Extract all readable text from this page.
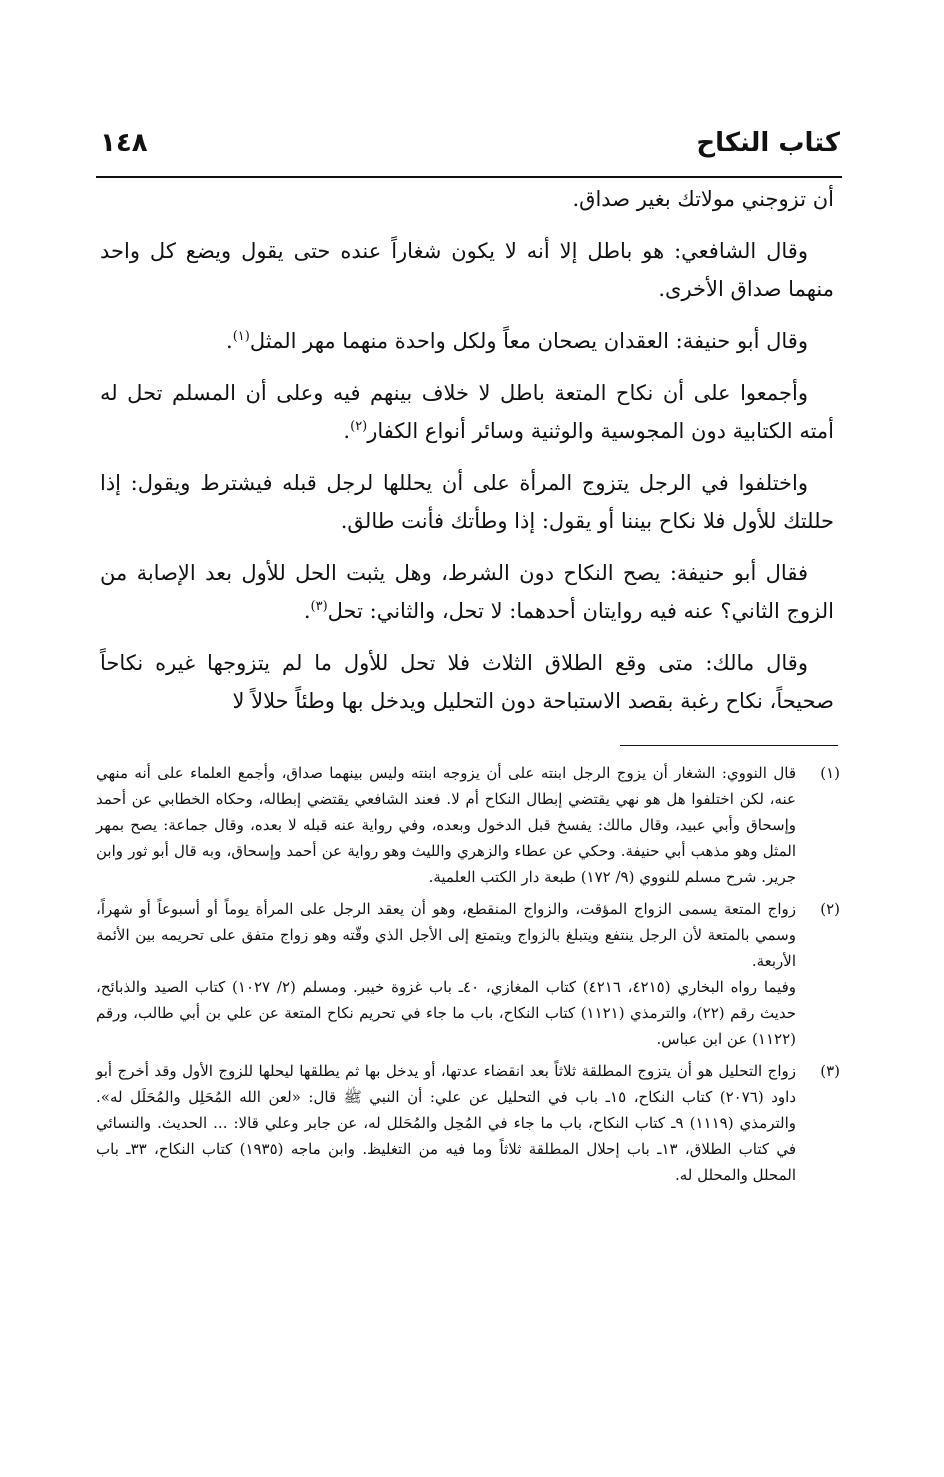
كتاب النكاح
١٤٨

أن تزوجني مولاتك بغير صداق.

وقال الشافعي: هو باطل إلا أنه لا يكون شغاراً عنده حتى يقول ويضع كل واحد منهما صداق الأخرى.

وقال أبو حنيفة: العقدان يصحان معاً ولكل واحدة منهما مهر المثل$^{(١)}$.

وأجمعوا على أن نكاح المتعة باطل لا خلاف بينهم فيه وعلى أن المسلم تحل له أمته الكتابية دون المجوسية والوثنية وسائر أنواع الكفار$^{(٢)}$.

واختلفوا في الرجل يتزوج المرأة على أن يحللها لرجل قبله فيشترط ويقول: إذا حللتك للأول فلا نكاح بيننا أو يقول: إذا وطأتك فأنت طالق.

فقال أبو حنيفة: يصح النكاح دون الشرط، وهل يثبت الحل للأول بعد الإصابة من الزوج الثاني؟ عنه فيه روايتان أحدهما: لا تحل، والثاني: تحل$^{(٣)}$.

وقال مالك: متى وقع الطلاق الثلاث فلا تحل للأول ما لم يتزوجها غيره نكاحاً صحيحاً، نكاح رغبة بقصد الاستباحة دون التحليل ويدخل بها وطئاً حلالاً لا

(١)
قال النووي: الشغار أن يزوج الرجل ابنته على أن يزوجه ابنته وليس بينهما صداق، وأجمع العلماء على أنه منهي عنه، لكن اختلفوا هل هو نهي يقتضي إبطال النكاح أم لا. فعند الشافعي يقتضي إبطاله، وحكاه الخطابي عن أحمد وإسحاق وأبي عبيد، وقال مالك: يفسخ قبل الدخول وبعده، وفي رواية عنه قبله لا بعده، وقال جماعة: يصح بمهر المثل وهو مذهب أبي حنيفة. وحكي عن عطاء والزهري والليث وهو رواية عن أحمد وإسحاق، وبه قال أبو ثور وابن جرير. شرح مسلم للنووي (٩/ ١٧٢) طبعة دار الكتب العلمية.
(٢)

زواج المتعة يسمى الزواج المؤقت، والزواج المنقطع، وهو أن يعقد الرجل على المرأة يوماً أو أسبوعاً أو شهراً، وسمي بالمتعة لأن الرجل ينتفع ويتبلغ بالزواج ويتمتع إلى الأجل الذي وقّته وهو زواج متفق على تحريمه بين الأئمة الأربعة.

وفيما رواه البخاري (٤٢١٥، ٤٢١٦) كتاب المغازي، ٤٠ـ باب غزوة خيبر. ومسلم (٢/ ١٠٢٧) كتاب الصيد والذبائح، حديث رقم (٢٢)، والترمذي (١١٢١) كتاب النكاح، باب ما جاء في تحريم نكاح المتعة عن علي بن أبي طالب، ورقم (١١٢٢) عن ابن عباس.

(٣)
زواج التحليل هو أن يتزوج المطلقة ثلاثاً بعد انقضاء عدتها، أو يدخل بها ثم يطلقها ليحلها للزوج الأول وقد أخرج أبو داود (٢٠٧٦) كتاب النكاح، ١٥ـ باب في التحليل عن علي: أن النبي ﷺ قال: «لعن الله المُحَلِل والمُحَلَل له». والترمذي (١١١٩) ٩ـ كتاب النكاح، باب ما جاء في المُحِل والمُحَلل له، عن جابر وعلي قالا: ... الحديث. والنسائي في كتاب الطلاق، ١٣ـ باب إحلال المطلقة ثلاثاً وما فيه من التغليظ. وابن ماجه (١٩٣٥) كتاب النكاح، ٣٣ـ باب المحلل والمحلل له.
